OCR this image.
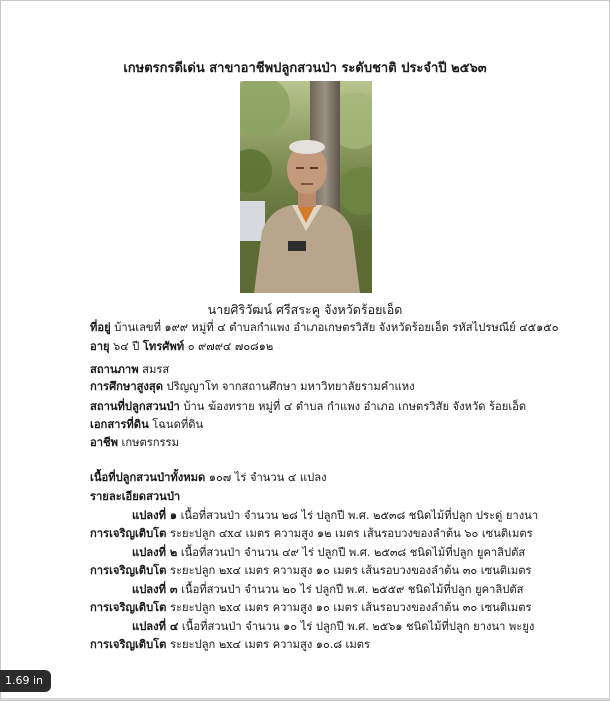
เกษตรกรดีเด่น สาขาอาชีพปลูกสวนป่า ระดับชาติ ประจำปี ๒๕๖๓
นายศิริวัฒน์ ศรีสระคู จังหวัดร้อยเอ็ด
ที่อยู่ บ้านเลขที่ ๑๙๙ หมู่ที่ ๔ ตำบลกำแพง อำเภอเกษตรวิสัย จังหวัดร้อยเอ็ด รหัสไปรษณีย์ ๔๕๑๕๐
อายุ ๖๔ ปี โทรศัพท์ ๐ ๙๗๙๔ ๗๐๘๑๒
สถานภาพ สมรส
การศึกษาสูงสุด ปริญญาโท จากสถานศึกษา มหาวิทยาลัยรามคำแหง
สถานที่ปลูกสวนป่า บ้าน ฆ้องทราย หมู่ที่ ๔ ตำบล กำแพง อำเภอ เกษตรวิสัย จังหวัด ร้อยเอ็ด
เอกสารที่ดิน โฉนดที่ดิน
อาชีพ เกษตรกรรม
เนื้อที่ปลูกสวนป่าทั้งหมด ๑๐๗ ไร่ จำนวน ๔ แปลง
รายละเอียดสวนป่า
แปลงที่ ๑ เนื้อที่สวนป่า จำนวน ๒๘ ไร่ ปลูกปี พ.ศ. ๒๕๓๘ ชนิดไม้ที่ปลูก ประดู่ ยางนา
การเจริญเติบโต ระยะปลูก ๔x๔ เมตร ความสูง ๑๒ เมตร เส้นรอบวงของลำต้น ๖๐ เซนติเมตร
แปลงที่ ๒ เนื้อที่สวนป่า จำนวน ๔๙ ไร่ ปลูกปี พ.ศ. ๒๕๓๘ ชนิดไม้ที่ปลูก ยูคาลิปตัส
การเจริญเติบโต ระยะปลูก ๒x๔ เมตร ความสูง ๑๐ เมตร เส้นรอบวงของลำต้น ๓๐ เซนติเมตร
แปลงที่ ๓ เนื้อที่สวนป่า จำนวน ๒๐ ไร่ ปลูกปี พ.ศ. ๒๕๕๙ ชนิดไม้ที่ปลูก ยูคาลิปตัส
การเจริญเติบโต ระยะปลูก ๒x๔ เมตร ความสูง ๑๐ เมตร เส้นรอบวงของลำต้น ๓๐ เซนติเมตร
แปลงที่ ๔ เนื้อที่สวนป่า จำนวน ๑๐ ไร่ ปลูกปี พ.ศ. ๒๕๖๑ ชนิดไม้ที่ปลูก ยางนา พะยูง
การเจริญเติบโต ระยะปลูก ๒x๔ เมตร ความสูง ๑๐.๘ เมตร
1.69 in
